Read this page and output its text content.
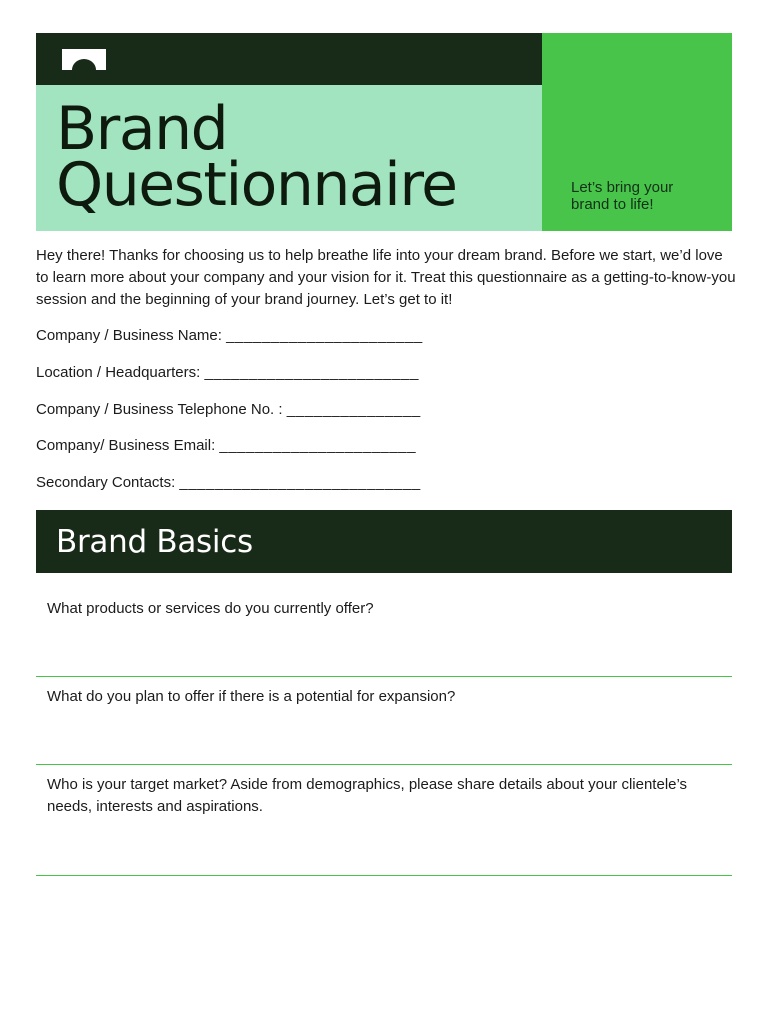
Brand
Questionnaire	Let’s bring your brand to life!

Hey there! Thanks for choosing us to help breathe life into your dream brand. Before we start, we’d love to learn more about your company and your vision for it. Treat this questionnaire as a getting-to-know-you session and the beginning of your brand journey. Let’s get to it!

Company / Business Name: ______________________
Location / Headquarters: ________________________
Company / Business Telephone No. : _______________
Company/ Business Email: ______________________
Secondary Contacts: ___________________________
Brand Basics
What products or services do you currently offer?
What do you plan to offer if there is a potential for expansion?
Who is your target market? Aside from demographics, please share details about your clientele’s needs, interests and aspirations.
